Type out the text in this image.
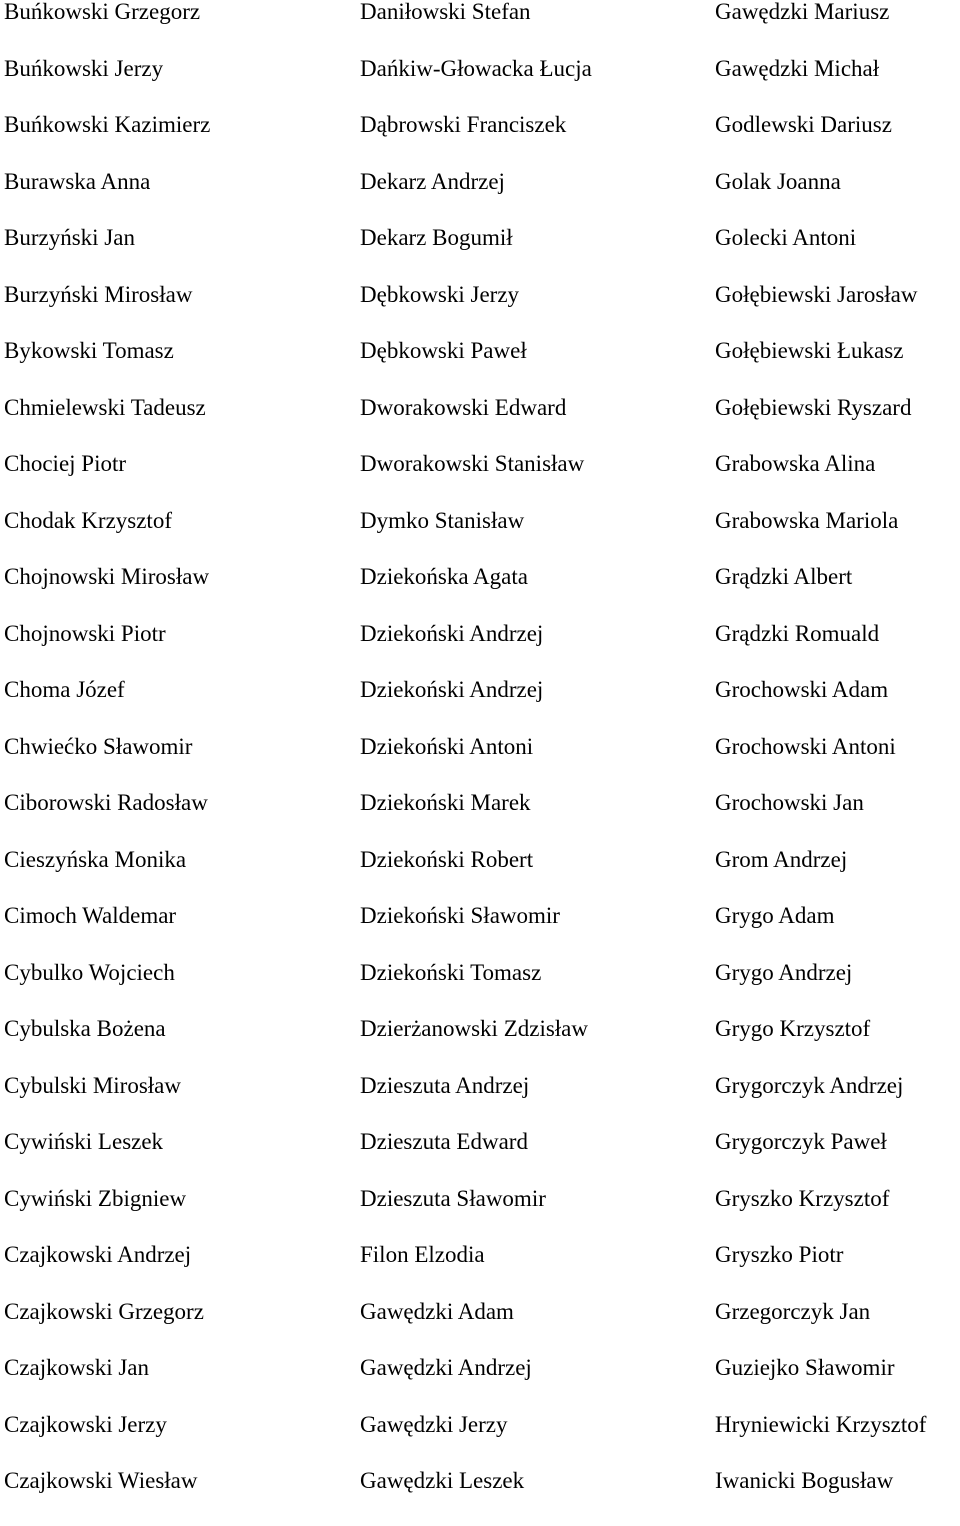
Buńkowski Grzegorz
Buńkowski Jerzy
Buńkowski Kazimierz
Burawska Anna
Burzyński Jan
Burzyński Mirosław
Bykowski Tomasz
Chmielewski Tadeusz
Chociej Piotr
Chodak Krzysztof
Chojnowski Mirosław
Chojnowski Piotr
Choma Józef
Chwiećko Sławomir
Ciborowski Radosław
Cieszyńska Monika
Cimoch Waldemar
Cybulko Wojciech
Cybulska Bożena
Cybulski Mirosław
Cywiński Leszek
Cywiński Zbigniew
Czajkowski Andrzej
Czajkowski Grzegorz
Czajkowski Jan
Czajkowski Jerzy
Czajkowski Wiesław
Daniłowski Stefan
Dańkiw-Głowacka Łucja
Dąbrowski Franciszek
Dekarz Andrzej
Dekarz Bogumił
Dębkowski Jerzy
Dębkowski Paweł
Dworakowski Edward
Dworakowski Stanisław
Dymko Stanisław
Dziekońska Agata
Dziekoński Andrzej
Dziekoński Andrzej
Dziekoński Antoni
Dziekoński Marek
Dziekoński Robert
Dziekoński Sławomir
Dziekoński Tomasz
Dzierżanowski Zdzisław
Dzieszuta Andrzej
Dzieszuta Edward
Dzieszuta Sławomir
Filon Elzodia
Gawędzki Adam
Gawędzki Andrzej
Gawędzki Jerzy
Gawędzki Leszek
Gawędzki Mariusz
Gawędzki Michał
Godlewski Dariusz
Golak Joanna
Golecki Antoni
Gołębiewski Jarosław
Gołębiewski Łukasz
Gołębiewski Ryszard
Grabowska Alina
Grabowska Mariola
Grądzki Albert
Grądzki Romuald
Grochowski Adam
Grochowski Antoni
Grochowski Jan
Grom Andrzej
Grygo Adam
Grygo Andrzej
Grygo Krzysztof
Grygorczyk Andrzej
Grygorczyk Paweł
Gryszko Krzysztof
Gryszko Piotr
Grzegorczyk Jan
Guziejko Sławomir
Hryniewicki Krzysztof
Iwanicki Bogusław
